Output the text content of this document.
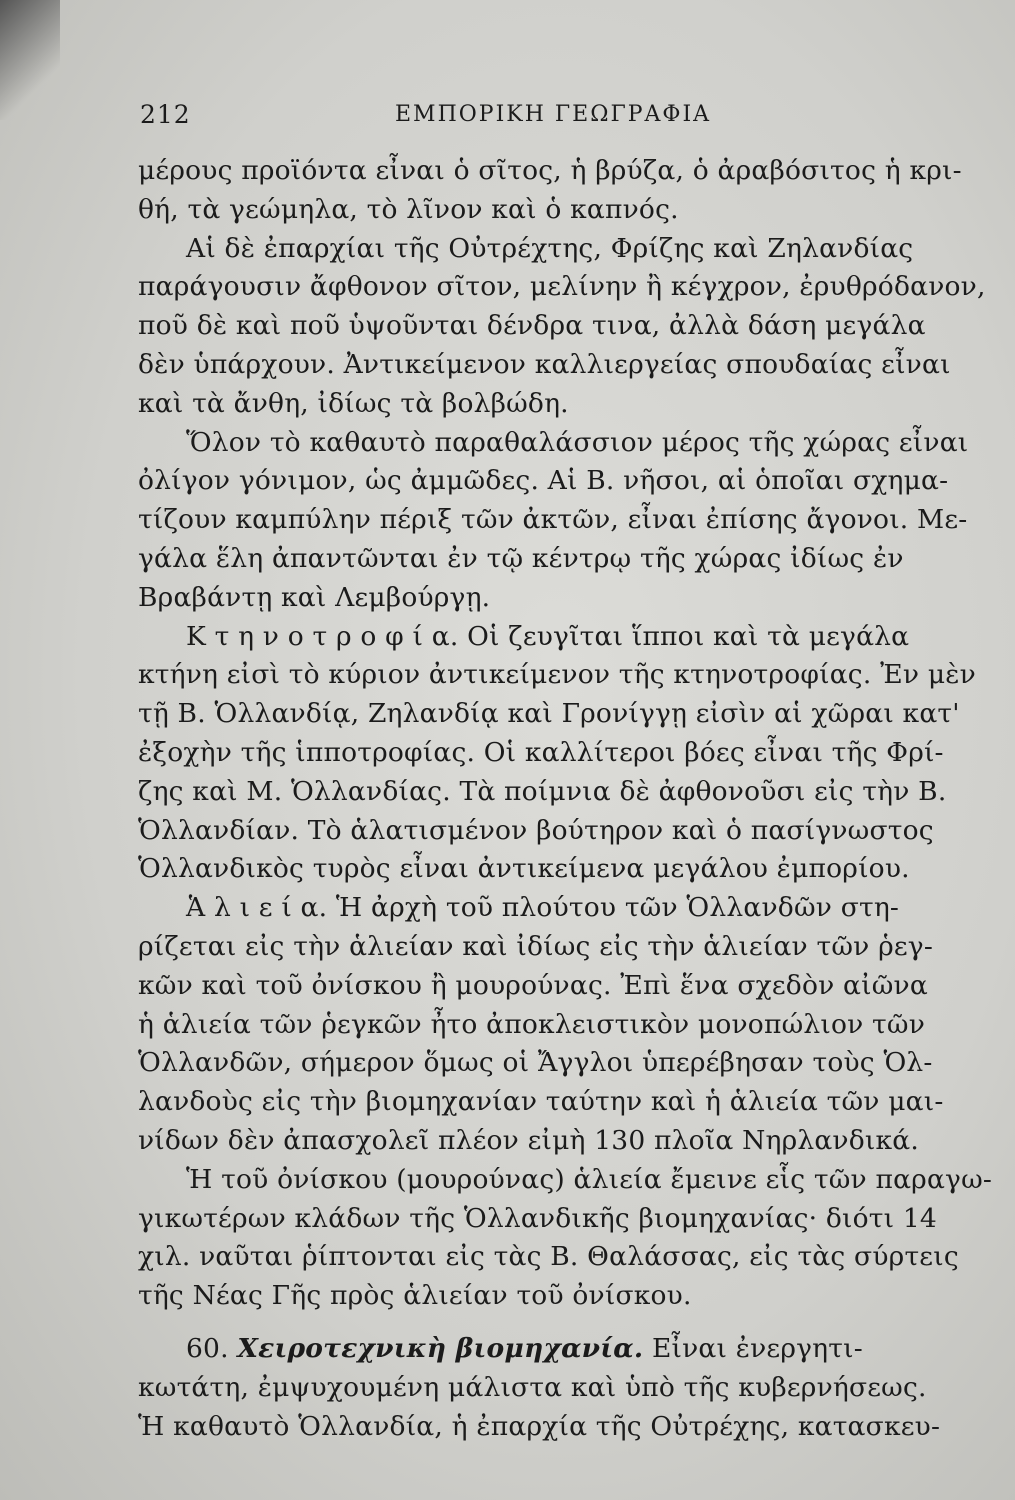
212	ΕΜΠΟΡΙΚΗ ΓΕΩΓΡΑΦΙΑ
μέρους προϊόντα εἶναι ὁ σῖτος, ἡ βρύζα, ὁ ἀραβόσιτος ἡ κρι-
θή, τὰ γεώμηλα, τὸ λῖνον καὶ ὁ καπνός.
Αἱ δὲ ἐπαρχίαι τῆς Οὐτρέχτης, Φρίζης καὶ Ζηλανδίας
παράγουσιν ἄφθονον σῖτον, μελίνην ἢ κέγχρον, ἐρυθρόδανον,
ποῦ δὲ καὶ ποῦ ὑψοῦνται δένδρα τινα, ἀλλὰ δάση μεγάλα
δὲν ὑπάρχουν. Ἀντικείμενον καλλιεργείας σπουδαίας εἶναι
καὶ τὰ ἄνθη, ἰδίως τὰ βολβώδη.
Ὅλον τὸ καθαυτὸ παραθαλάσσιον μέρος τῆς χώρας εἶναι
ὀλίγον γόνιμον, ὡς ἀμμῶδες. Αἱ Β. νῆσοι, αἱ ὁποῖαι σχημα-
τίζουν καμπύλην πέριξ τῶν ἀκτῶν, εἶναι ἐπίσης ἄγονοι. Με-
γάλα ἕλη ἀπαντῶνται ἐν τῷ κέντρῳ τῆς χώρας ἰδίως ἐν
Βραβάντῃ καὶ Λεμβούργῃ.
Κ τ η ν ο τ ρ ο φ ί α. Οἱ ζευγῖται ἵπποι καὶ τὰ μεγάλα
κτήνη εἰσὶ τὸ κύριον ἀντικείμενον τῆς κτηνοτροφίας. Ἐν μὲν
τῇ Β. Ὁλλανδίᾳ, Ζηλανδίᾳ καὶ Γρονίγγῃ εἰσὶν αἱ χῶραι κατ'
ἐξοχὴν τῆς ἱπποτροφίας. Οἱ καλλίτεροι βόες εἶναι τῆς Φρί-
ζης καὶ Μ. Ὁλλανδίας. Τὰ ποίμνια δὲ ἀφθονοῦσι εἰς τὴν Β.
Ὁλλανδίαν. Τὸ ἁλατισμένον βούτηρον καὶ ὁ πασίγνωστος
Ὁλλανδικὸς τυρὸς εἶναι ἀντικείμενα μεγάλου ἐμπορίου.
Ἁ λ ι ε ί α. Ἡ ἀρχὴ τοῦ πλούτου τῶν Ὁλλανδῶν στη-
ρίζεται εἰς τὴν ἁλιείαν καὶ ἰδίως εἰς τὴν ἁλιείαν τῶν ῥεγ-
κῶν καὶ τοῦ ὀνίσκου ἢ μουρούνας. Ἐπὶ ἕνα σχεδὸν αἰῶνα
ἡ ἁλιεία τῶν ῥεγκῶν ἦτο ἀποκλειστικὸν μονοπώλιον τῶν
Ὁλλανδῶν, σήμερον ὅμως οἱ Ἄγγλοι ὑπερέβησαν τοὺς Ὁλ-
λανδοὺς εἰς τὴν βιομηχανίαν ταύτην καὶ ἡ ἁλιεία τῶν μαι-
νίδων δὲν ἀπασχολεῖ πλέον εἰμὴ 130 πλοῖα Νηρλανδικά.
Ἡ τοῦ ὀνίσκου (μουρούνας) ἁλιεία ἔμεινε εἷς τῶν παραγω-
γικωτέρων κλάδων τῆς Ὁλλανδικῆς βιομηχανίας· διότι 14
χιλ. ναῦται ῥίπτονται εἰς τὰς Β. Θαλάσσας, εἰς τὰς σύρτεις
τῆς Νέας Γῆς πρὸς ἁλιείαν τοῦ ὀνίσκου.
60. Χειροτεχνικὴ βιομηχανία. Εἶναι ἐνεργητι-
κωτάτη, ἐμψυχουμένη μάλιστα καὶ ὑπὸ τῆς κυβερνήσεως.
Ἡ καθαυτὸ Ὁλλανδία, ἡ ἐπαρχία τῆς Οὐτρέχης, κατασκευ-
